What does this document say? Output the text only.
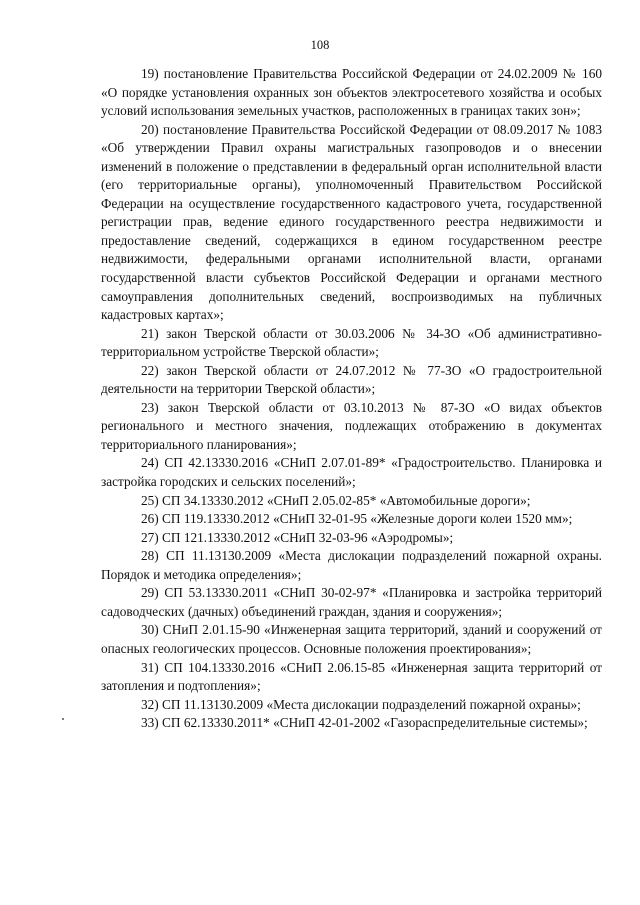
108

19) постановление Правительства Российской Федерации от 24.02.2009 № 160 «О порядке установления охранных зон объектов электросетевого хозяйства и особых условий использования земельных участков, расположенных в границах таких зон»;

20) постановление Правительства Российской Федерации от 08.09.2017 № 1083 «Об утверждении Правил охраны магистральных газопроводов и о внесении изменений в положение о представлении в федеральный орган исполнительной власти (его территориальные органы), уполномоченный Правительством Российской Федерации на осуществление государственного кадастрового учета, государственной регистрации прав, ведение единого государственного реестра недвижимости и предоставление сведений, содержащихся в едином государственном реестре недвижимости, федеральными органами исполнительной власти, органами государственной власти субъектов Российской Федерации и органами местного самоуправления дополнительных сведений, воспроизводимых на публичных кадастровых картах»;

21) закон Тверской области от 30.03.2006 № 34-ЗО «Об административно-территориальном устройстве Тверской области»;

22) закон Тверской области от 24.07.2012 № 77-ЗО «О градостроительной деятельности на территории Тверской области»;

23) закон Тверской области от 03.10.2013 № 87-ЗО «О видах объектов регионального и местного значения, подлежащих отображению в документах территориального планирования»;

24) СП 42.13330.2016 «СНиП 2.07.01-89* «Градостроительство. Планировка и застройка городских и сельских поселений»;

25) СП 34.13330.2012 «СНиП 2.05.02-85* «Автомобильные дороги»;

26) СП 119.13330.2012 «СНиП 32-01-95 «Железные дороги колеи 1520 мм»;

27) СП 121.13330.2012 «СНиП 32-03-96 «Аэродромы»;

28) СП 11.13130.2009 «Места дислокации подразделений пожарной охраны. Порядок и методика определения»;

29) СП 53.13330.2011 «СНиП 30-02-97* «Планировка и застройка территорий садоводческих (дачных) объединений граждан, здания и сооружения»;

30) СНиП 2.01.15-90 «Инженерная защита территорий, зданий и сооружений от опасных геологических процессов. Основные положения проектирования»;

31) СП 104.13330.2016 «СНиП 2.06.15-85 «Инженерная защита территорий от затопления и подтопления»;

32) СП 11.13130.2009 «Места дислокации подразделений пожарной охраны»;

33) СП 62.13330.2011* «СНиП 42-01-2002 «Газораспределительные системы»;
